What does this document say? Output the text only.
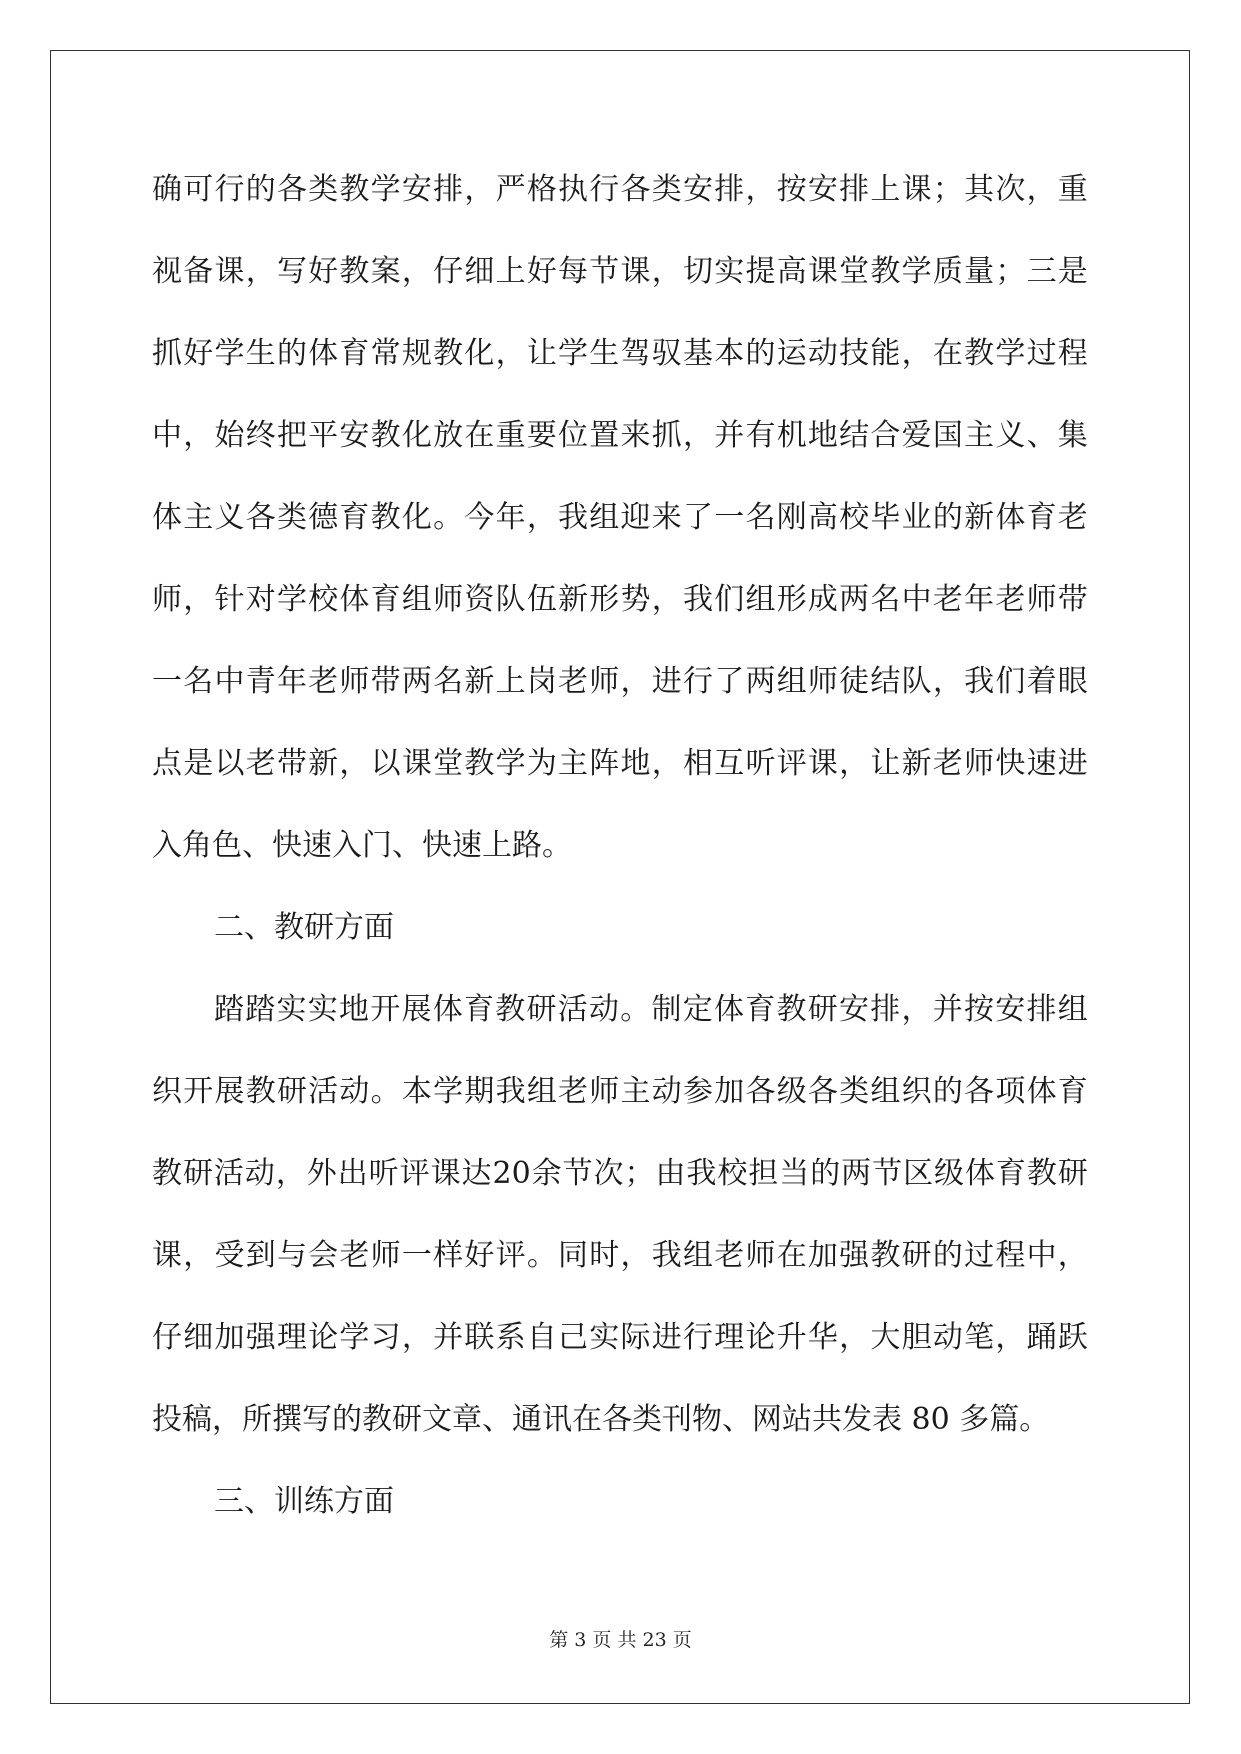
确 可 行 的 各 类 教 学 安 排 ， 严 格 执 行 各 类 安 排 ， 按 安 排 上 课 ； 其 次 ， 重
视 备 课 ， 写 好 教 案 ， 仔 细 上 好 每 节 课 ， 切 实 提 高 课 堂 教 学 质 量 ； 三 是
抓 好 学 生 的 体 育 常 规 教 化 ， 让 学 生 驾 驭 基 本 的 运 动 技 能 ， 在 教 学 过 程
中 ， 始 终 把 平 安 教 化 放 在 重 要 位 置 来 抓 ， 并 有 机 地 结 合 爱 国 主 义 、 集
体 主 义 各 类 德 育 教 化 。 今 年 ， 我 组 迎 来 了 一 名 刚 高 校 毕 业 的 新 体 育 老
师 ， 针 对 学 校 体 育 组 师 资 队 伍 新 形 势 ， 我 们 组 形 成 两 名 中 老 年 老 师 带
一 名 中 青 年 老 师 带 两 名 新 上 岗 老 师 ， 进 行 了 两 组 师 徒 结 队 ， 我 们 着 眼
点 是 以 老 带 新 ， 以 课 堂 教 学 为 主 阵 地 ， 相 互 听 评 课 ， 让 新 老 师 快 速 进
入角色、快速入门、快速上路。
二、教研方面
踏 踏 实 实 地 开 展 体 育 教 研 活 动 。 制 定 体 育 教 研 安 排 ， 并 按 安 排 组
织 开 展 教 研 活 动 。 本 学 期 我 组 老 师 主 动 参 加 各 级 各 类 组 织 的 各 项 体 育
教 研 活 动 ， 外 出 听 评 课 达 20 余 节 次 ； 由 我 校 担 当 的 两 节 区 级 体 育 教 研
课 ， 受 到 与 会 老 师 一 样 好 评 。 同 时 ， 我 组 老 师 在 加 强 教 研 的 过 程 中 ，
仔 细 加 强 理 论 学 习 ， 并 联 系 自 己 实 际 进 行 理 论 升 华 ， 大 胆 动 笔 ， 踊 跃
投稿，所撰写的教研文章、通讯在各类刊物、网站共发表 80 多篇。
三、训练方面
第 3 页 共 23 页
